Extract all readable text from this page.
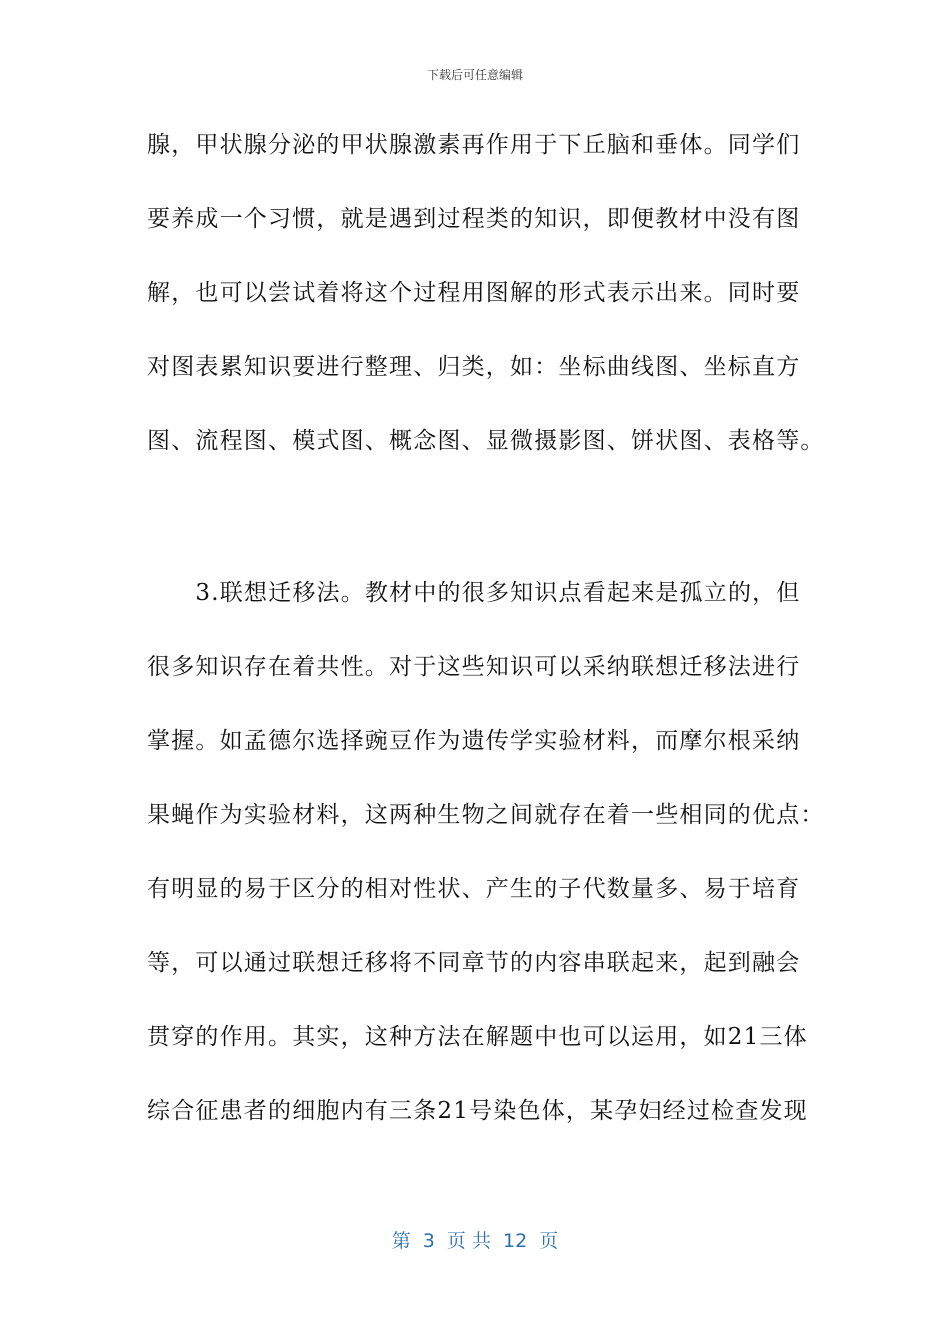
下载后可任意编辑
腺，甲状腺分泌的甲状腺激素再作用于下丘脑和垂体。同学们
要养成一个习惯，就是遇到过程类的知识，即便教材中没有图
解，也可以尝试着将这个过程用图解的形式表示出来。同时要
对图表累知识要进行整理、归类，如：坐标曲线图、坐标直方
图、流程图、模式图、概念图、显微摄影图、饼状图、表格等。
　　3.联想迁移法。教材中的很多知识点看起来是孤立的，但
很多知识存在着共性。对于这些知识可以采纳联想迁移法进行
掌握。如孟德尔选择豌豆作为遗传学实验材料，而摩尔根采纳
果蝇作为实验材料，这两种生物之间就存在着一些相同的优点：
有明显的易于区分的相对性状、产生的子代数量多、易于培育
等，可以通过联想迁移将不同章节的内容串联起来，起到融会
贯穿的作用。其实，这种方法在解题中也可以运用，如21三体
综合征患者的细胞内有三条21号染色体，某孕妇经过检查发现
第  3  页 共  12  页
